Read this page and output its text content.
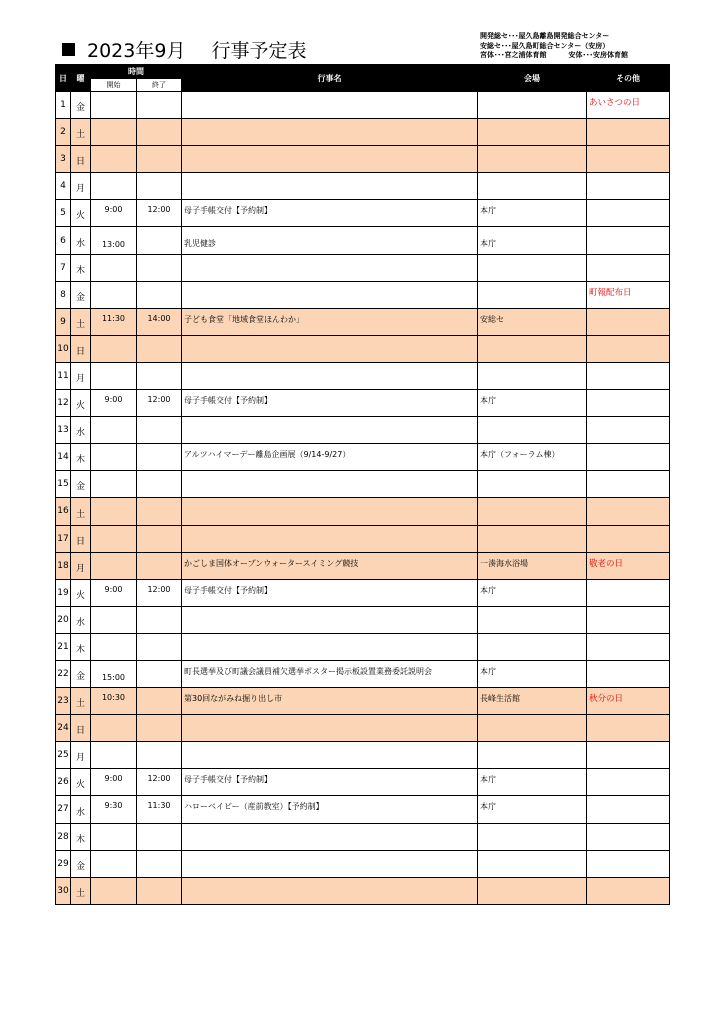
2023年9月 行事予定表
開発総セ･･･屋久島離島開発総合センター
安総セ･･･屋久島町総合センター（安房）
宮体･･･宮之浦体育館	安体･･･安房体育館
日	曜	時間		行事名	会場	その他
		開始	終了			
1	金					あいさつの日
2	土					
3	日					
4	月					
5	火	9:00	12:00	母子手帳交付【予約制】	本庁	
6	水	13:00		乳児健診	本庁	
7	木					
8	金					町報配布日
9	土	11:30	14:00	子ども食堂「地域食堂ほんわか」	安総セ	
10	日					
11	月					
12	火	9:00	12:00	母子手帳交付【予約制】	本庁	
13	水					
14	木			アルツハイマーデー離島企画展（9/14-9/27）	本庁（フォーラム棟）	
15	金					
16	土					
17	日					
18	月			かごしま国体オープンウォータースイミング競技	一湊海水浴場	敬老の日
19	火	9:00	12:00	母子手帳交付【予約制】	本庁	
20	水					
21	木					
22	金	15:00		町長選挙及び町議会議員補欠選挙ポスター掲示板設置業務委託説明会	本庁	
23	土	10:30		第30回ながみね掘り出し市	長峰生活館	秋分の日
24	日					
25	月					
26	火	9:00	12:00	母子手帳交付【予約制】	本庁	
27	水	9:30	11:30	ハローベイビー（産前教室）【予約制】	本庁	
28	木					
29	金					
30	土					
